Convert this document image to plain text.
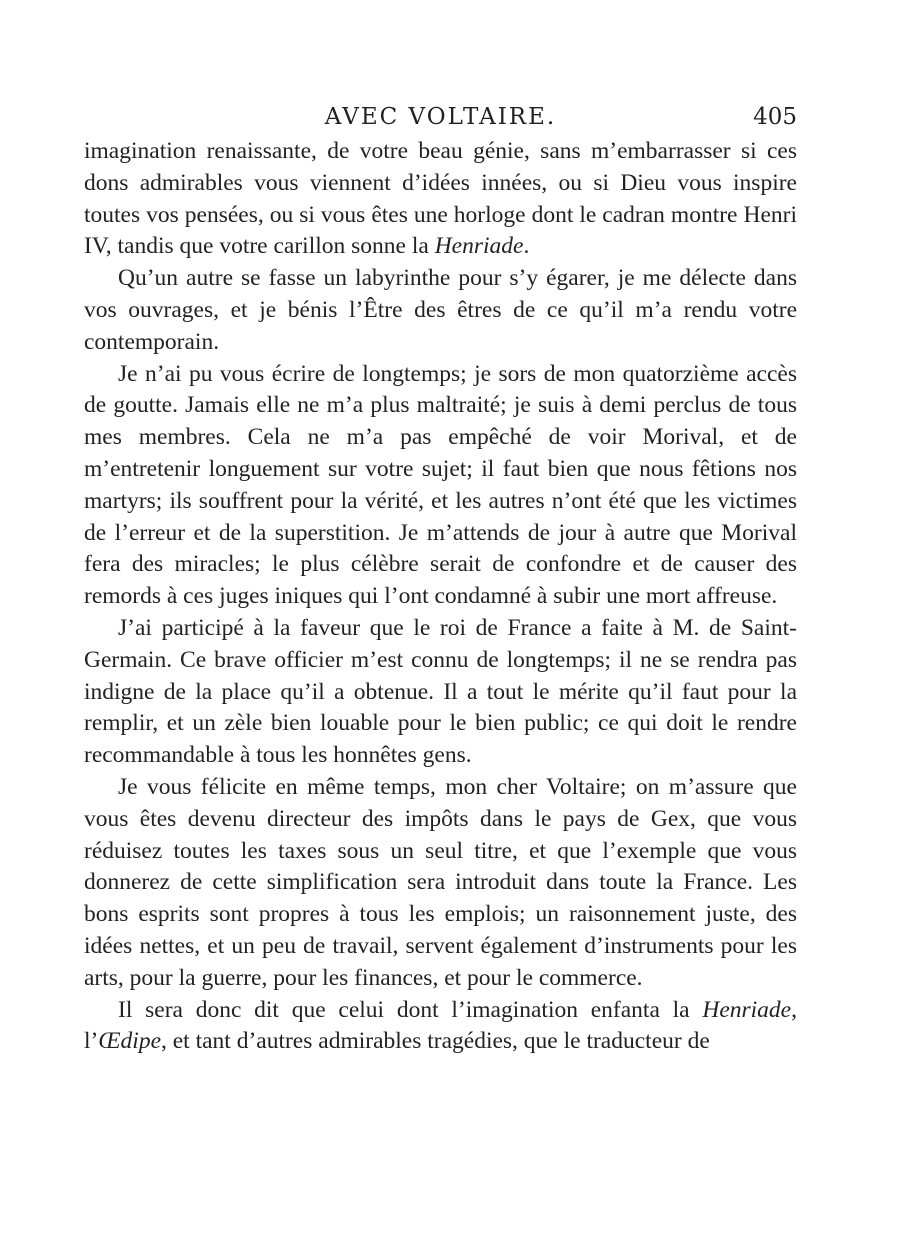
AVEC VOLTAIRE.	405

imagination renaissante, de votre beau génie, sans m’embarrasser si ces dons admirables vous viennent d’idées innées, ou si Dieu vous inspire toutes vos pensées, ou si vous êtes une horloge dont le cadran montre Henri IV, tandis que votre carillon sonne la Henriade.

Qu’un autre se fasse un labyrinthe pour s’y égarer, je me délecte dans vos ouvrages, et je bénis l’Être des êtres de ce qu’il m’a rendu votre contemporain.

Je n’ai pu vous écrire de longtemps; je sors de mon quatorzième accès de goutte. Jamais elle ne m’a plus maltraité; je suis à demi perclus de tous mes membres. Cela ne m’a pas empêché de voir Morival, et de m’entretenir longuement sur votre sujet; il faut bien que nous fêtions nos martyrs; ils souffrent pour la vérité, et les autres n’ont été que les victimes de l’erreur et de la superstition. Je m’attends de jour à autre que Morival fera des miracles; le plus célèbre serait de confondre et de causer des remords à ces juges iniques qui l’ont condamné à subir une mort affreuse.

J’ai participé à la faveur que le roi de France a faite à M. de Saint-Germain. Ce brave officier m’est connu de longtemps; il ne se rendra pas indigne de la place qu’il a obtenue. Il a tout le mérite qu’il faut pour la remplir, et un zèle bien louable pour le bien public; ce qui doit le rendre recommandable à tous les honnêtes gens.

Je vous félicite en même temps, mon cher Voltaire; on m’assure que vous êtes devenu directeur des impôts dans le pays de Gex, que vous réduisez toutes les taxes sous un seul titre, et que l’exemple que vous donnerez de cette simplification sera introduit dans toute la France. Les bons esprits sont propres à tous les emplois; un raisonnement juste, des idées nettes, et un peu de travail, servent également d’instruments pour les arts, pour la guerre, pour les finances, et pour le commerce.

Il sera donc dit que celui dont l’imagination enfanta la Henriade, l’Œdipe, et tant d’autres admirables tragédies, que le traducteur de
